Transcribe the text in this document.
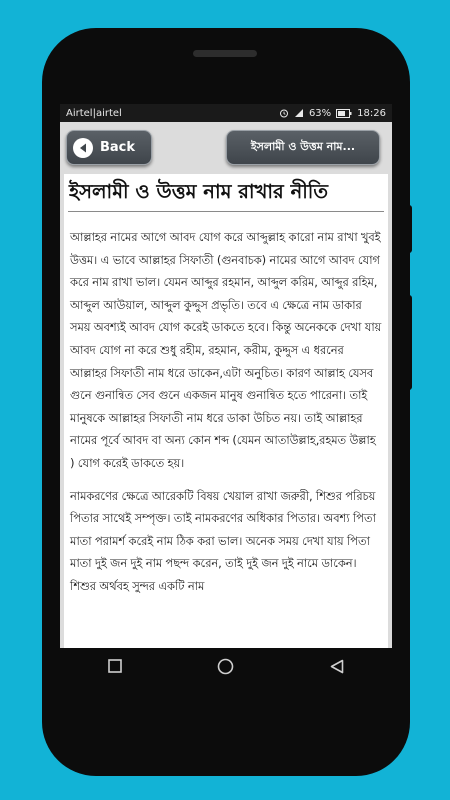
Airtel|airtel	63%	18:26
Back	ইসলামী ও উত্তম নাম...
ইসলামী ও উত্তম নাম রাখার নীতি

আল্লাহর নামের আগে আবদ যোগ করে আব্দুল্লাহ কারো নাম রাখা খুবই উত্তম। এ ভাবে আল্লাহর সিফাতী (গুনবাচক) নামের আগে আবদ যোগ করে নাম রাখা ভাল। যেমন আব্দুর রহমান, আব্দুল করিম, আব্দুর রহিম, আব্দুল আউয়াল, আব্দুল কুদ্দুস প্রভৃতি। তবে এ ক্ষেত্রে নাম ডাকার সময় অবশ্যই আবদ যোগ করেই ডাকতে হবে। কিন্তু অনেককে দেখা যায় আবদ যোগ না করে শুধু রহীম, রহমান, করীম, কুদ্দুস এ ধরনের আল্লাহর সিফাতী নাম ধরে ডাকেন,এটা অনুচিত। কারণ আল্লাহ যেসব গুনে গুনান্বিত সেব গুনে একজন মানুষ গুনান্বিত হতে পারেনা। তাই মানুষকে আল্লাহর সিফাতী নাম ধরে ডাকা উচিত নয়। তাই আল্লাহর নামের পূর্বে আবদ বা অন্য কোন শব্দ (যেমন আতাউল্লাহ,রহমত উল্লাহ ) যোগ করেই ডাকতে হয়।

নামকরণের ক্ষেত্রে আরেকটি বিষয় খেয়াল রাখা জরুরী, শিশুর পরিচয় পিতার সাথেই সম্পৃক্ত। তাই নামকরণের অধিকার পিতার। অবশ্য পিতা মাতা পরামর্শ করেই নাম ঠিক করা ভাল। অনেক সময় দেখা যায় পিতা মাতা দুই জন দুই নাম পছন্দ করেন, তাই দুই জন দুই নামে ডাকেন। শিশুর অর্থবহ সুন্দর একটি নাম
